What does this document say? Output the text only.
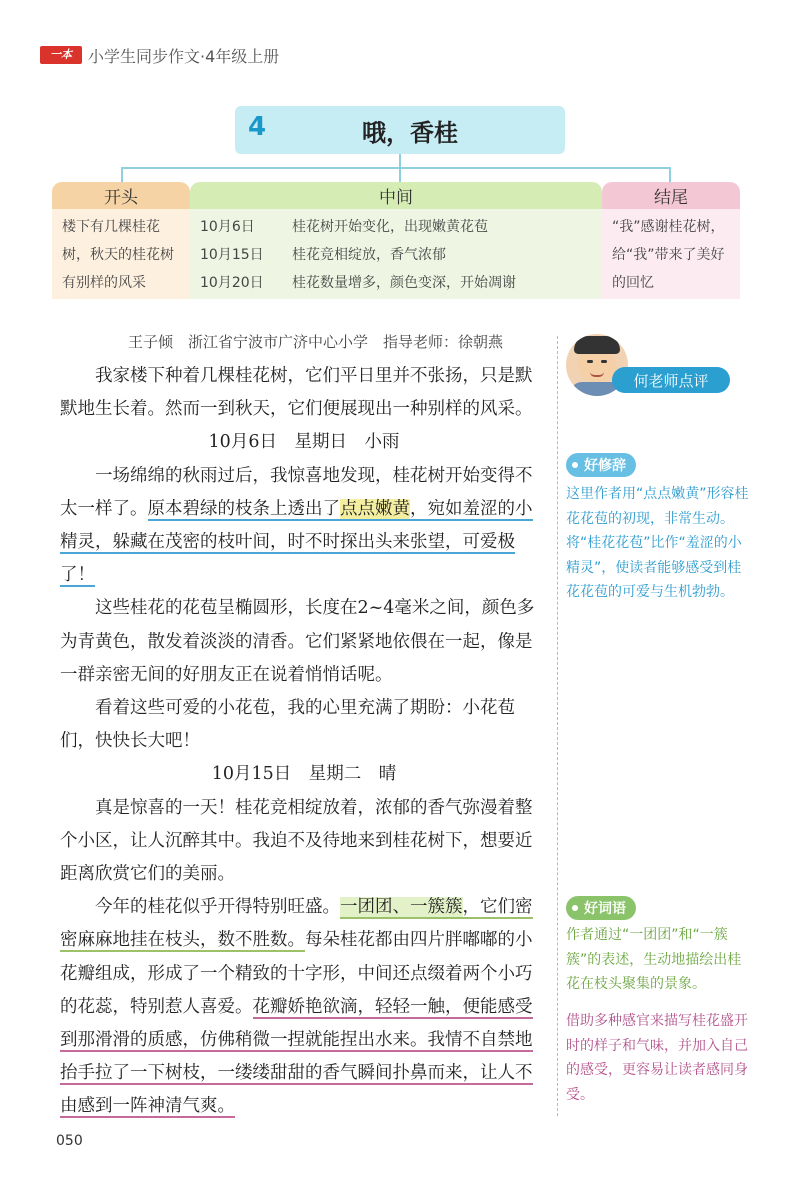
一本	小学生同步作文·4年级上册
4	哦，香桂
开头
楼下有几棵桂花
树，秋天的桂花树
有别样的风采
中间
10月6日	桂花树开始变化，出现嫩黄花苞
10月15日	桂花竞相绽放，香气浓郁
10月20日	桂花数量增多，颜色变深，开始凋谢
结尾
“我”感谢桂花树，
给“我”带来了美好
的回忆
王子倾　浙江省宁波市广济中心小学　指导老师：徐朝燕

我家楼下种着几棵桂花树，它们平日里并不张扬，只是默默地生长着。然而一到秋天，它们便展现出一种别样的风采。

10月6日　星期日　小雨

一场绵绵的秋雨过后，我惊喜地发现，桂花树开始变得不太一样了。原本碧绿的枝条上透出了点点嫩黄，宛如羞涩的小精灵，躲藏在茂密的枝叶间，时不时探出头来张望，可爱极了！

这些桂花的花苞呈椭圆形，长度在2~4毫米之间，颜色多为青黄色，散发着淡淡的清香。它们紧紧地依偎在一起，像是一群亲密无间的好朋友正在说着悄悄话呢。

看着这些可爱的小花苞，我的心里充满了期盼：小花苞们，快快长大吧！

10月15日　星期二　晴

真是惊喜的一天！桂花竞相绽放着，浓郁的香气弥漫着整个小区，让人沉醉其中。我迫不及待地来到桂花树下，想要近距离欣赏它们的美丽。

今年的桂花似乎开得特别旺盛。一团团、一簇簇，它们密密麻麻地挂在枝头，数不胜数。每朵桂花都由四片胖嘟嘟的小花瓣组成，形成了一个精致的十字形，中间还点缀着两个小巧的花蕊，特别惹人喜爱。花瓣娇艳欲滴，轻轻一触，便能感受到那滑滑的质感，仿佛稍微一捏就能捏出水来。我情不自禁地抬手拉了一下树枝，一缕缕甜甜的香气瞬间扑鼻而来，让人不由感到一阵神清气爽。

何老师点评
好修辞
这里作者用“点点嫩黄”形容桂花花苞的初现，非常生动。将“桂花花苞”比作“羞涩的小精灵”，使读者能够感受到桂花花苞的可爱与生机勃勃。
好词语
作者通过“一团团”和“一簇簇”的表述，生动地描绘出桂花在枝头聚集的景象。
借助多种感官来描写桂花盛开时的样子和气味，并加入自己的感受，更容易让读者感同身受。
050
